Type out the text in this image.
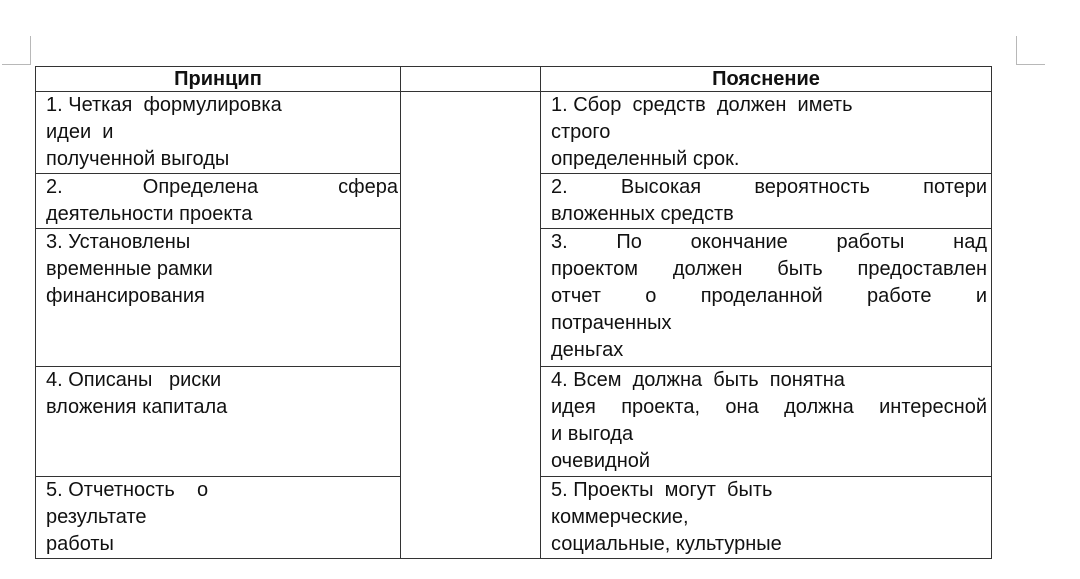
Принцип		Пояснение

1. Четкая  формулировка
идеи  и
полученной выгоды		1. Сбор  средств  должен  иметь
строго
определенный срок.

2. Определена сфера
деятельности проекта		2. Высокая вероятность потери
вложенных средств

3. Установлены
временные рамки
финансирования		3. По окончание работы над
проектом должен быть предоставлен
отчет о проделанной работе и
потраченных
деньгах

4. Описаны   риски
вложения капитала		4. Всем  должна  быть  понятна
идея проекта, она должна интересной
и выгода
очевидной

5. Отчетность    о
результате
работы		5. Проекты  могут  быть
коммерческие,
социальные, культурные
